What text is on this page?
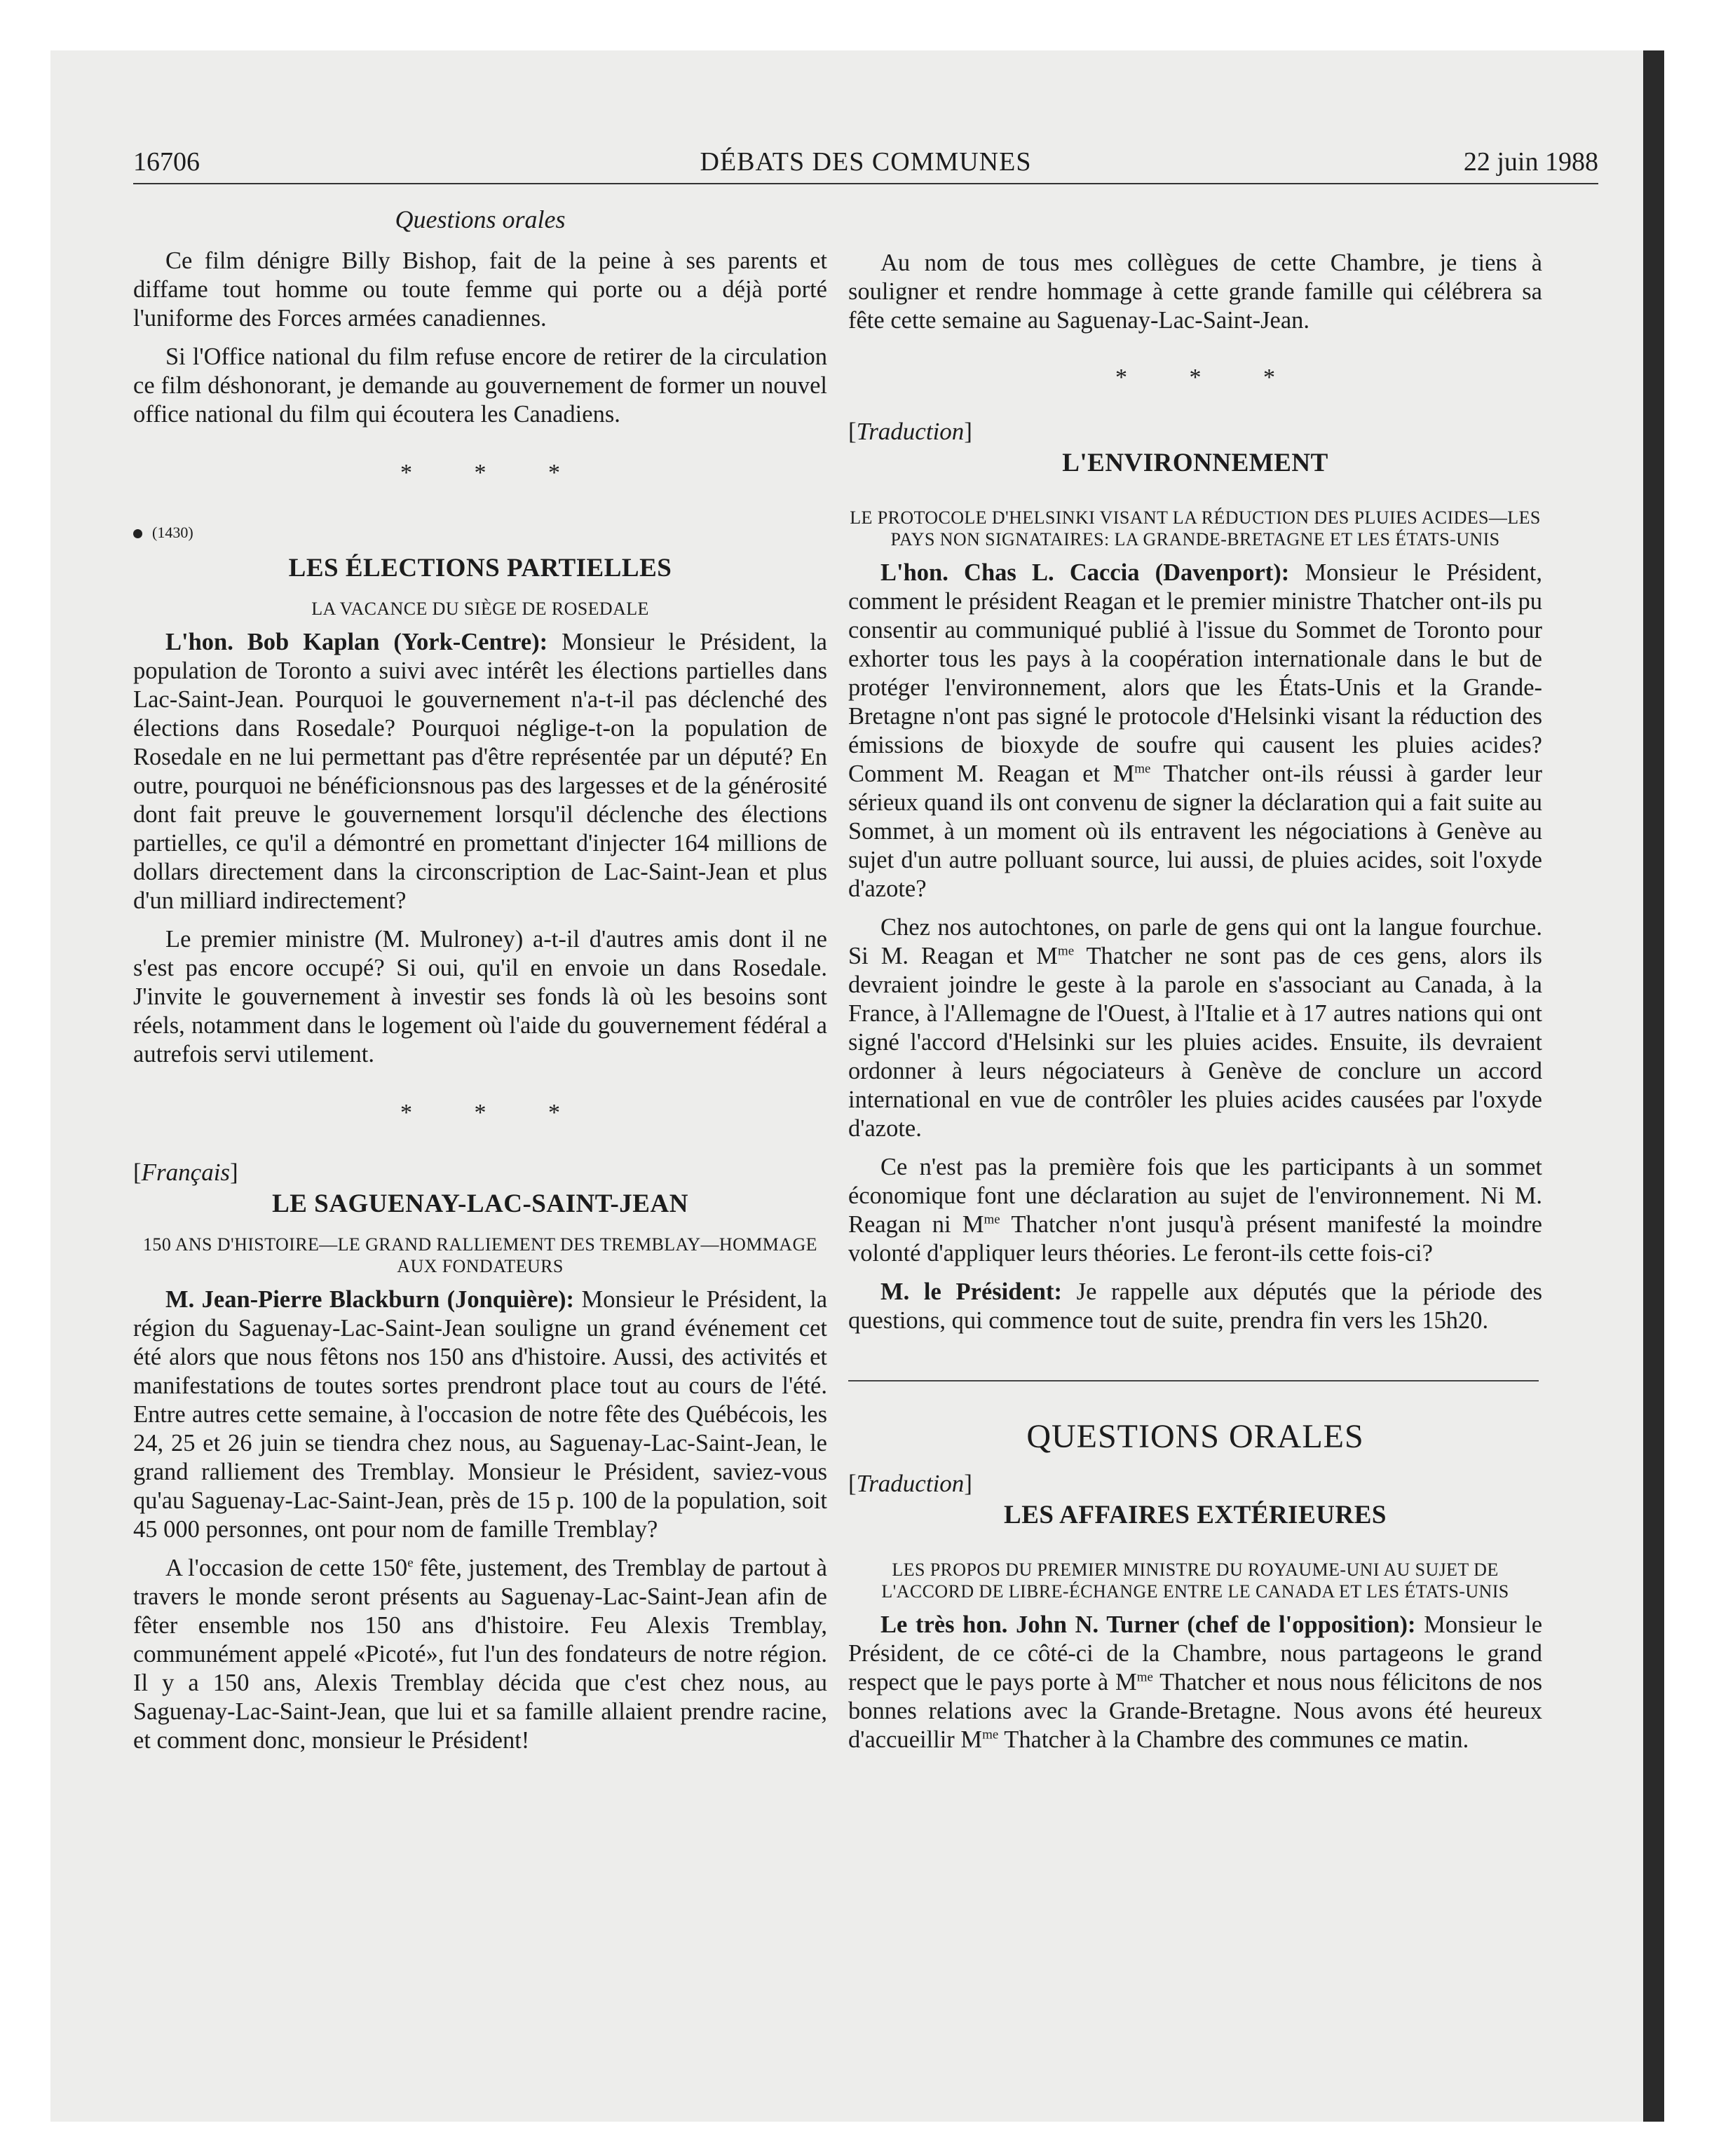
16706	DÉBATS DES COMMUNES	22 juin 1988
Questions orales

Ce film dénigre Billy Bishop, fait de la peine à ses parents et diffame tout homme ou toute femme qui porte ou a déjà porté l'uniforme des Forces armées canadiennes.

Si l'Office national du film refuse encore de retirer de la circulation ce film déshonorant, je demande au gouvernement de former un nouvel office national du film qui écoutera les Canadiens.

* * *
(1430)
LES ÉLECTIONS PARTIELLES
LA VACANCE DU SIÈGE DE ROSEDALE

L'hon. Bob Kaplan (York-Centre): Monsieur le Président, la population de Toronto a suivi avec intérêt les élections partielles dans Lac-Saint-Jean. Pourquoi le gouvernement n'a-t-il pas déclenché des élections dans Rosedale? Pourquoi néglige-t-on la population de Rosedale en ne lui permettant pas d'être représentée par un député? En outre, pourquoi ne bénéficionsnous pas des largesses et de la générosité dont fait preuve le gouvernement lorsqu'il déclenche des élections partielles, ce qu'il a démontré en promettant d'injecter 164 millions de dollars directement dans la circonscription de Lac-Saint-Jean et plus d'un milliard indirectement?

Le premier ministre (M. Mulroney) a-t-il d'autres amis dont il ne s'est pas encore occupé? Si oui, qu'il en envoie un dans Rosedale. J'invite le gouvernement à investir ses fonds là où les besoins sont réels, notamment dans le logement où l'aide du gouvernement fédéral a autrefois servi utilement.

* * *
[Français]
LE SAGUENAY-LAC-SAINT-JEAN
150 ANS D'HISTOIRE—LE GRAND RALLIEMENT DES TREMBLAY—HOMMAGE AUX FONDATEURS

M. Jean-Pierre Blackburn (Jonquière): Monsieur le Président, la région du Saguenay-Lac-Saint-Jean souligne un grand événement cet été alors que nous fêtons nos 150 ans d'histoire. Aussi, des activités et manifestations de toutes sortes prendront place tout au cours de l'été. Entre autres cette semaine, à l'occasion de notre fête des Québécois, les 24, 25 et 26 juin se tiendra chez nous, au Saguenay-Lac-Saint-Jean, le grand ralliement des Tremblay. Monsieur le Président, saviez-vous qu'au Saguenay-Lac-Saint-Jean, près de 15 p. 100 de la population, soit 45 000 personnes, ont pour nom de famille Tremblay?

A l'occasion de cette 150e fête, justement, des Tremblay de partout à travers le monde seront présents au Saguenay-Lac-Saint-Jean afin de fêter ensemble nos 150 ans d'histoire. Feu Alexis Tremblay, communément appelé «Picoté», fut l'un des fondateurs de notre région. Il y a 150 ans, Alexis Tremblay décida que c'est chez nous, au Saguenay-Lac-Saint-Jean, que lui et sa famille allaient prendre racine, et comment donc, monsieur le Président!

Au nom de tous mes collègues de cette Chambre, je tiens à souligner et rendre hommage à cette grande famille qui célébrera sa fête cette semaine au Saguenay-Lac-Saint-Jean.

* * *
[Traduction]
L'ENVIRONNEMENT
LE PROTOCOLE D'HELSINKI VISANT LA RÉDUCTION DES PLUIES ACIDES—LES PAYS NON SIGNATAIRES: LA GRANDE-BRETAGNE ET LES ÉTATS-UNIS

L'hon. Chas L. Caccia (Davenport): Monsieur le Président, comment le président Reagan et le premier ministre Thatcher ont-ils pu consentir au communiqué publié à l'issue du Sommet de Toronto pour exhorter tous les pays à la coopération internationale dans le but de protéger l'environnement, alors que les États-Unis et la Grande-Bretagne n'ont pas signé le protocole d'Helsinki visant la réduction des émissions de bioxyde de soufre qui causent les pluies acides? Comment M. Reagan et $M^{me}$ Thatcher ont-ils réussi à garder leur sérieux quand ils ont convenu de signer la déclaration qui a fait suite au Sommet, à un moment où ils entravent les négociations à Genève au sujet d'un autre polluant source, lui aussi, de pluies acides, soit l'oxyde d'azote?

Chez nos autochtones, on parle de gens qui ont la langue fourchue. Si M. Reagan et $M^{me}$ Thatcher ne sont pas de ces gens, alors ils devraient joindre le geste à la parole en s'associant au Canada, à la France, à l'Allemagne de l'Ouest, à l'Italie et à 17 autres nations qui ont signé l'accord d'Helsinki sur les pluies acides. Ensuite, ils devraient ordonner à leurs négociateurs à Genève de conclure un accord international en vue de contrôler les pluies acides causées par l'oxyde d'azote.

Ce n'est pas la première fois que les participants à un sommet économique font une déclaration au sujet de l'environnement. Ni M. Reagan ni $M^{me}$ Thatcher n'ont jusqu'à présent manifesté la moindre volonté d'appliquer leurs théories. Le feront-ils cette fois-ci?

M. le Président: Je rappelle aux députés que la période des questions, qui commence tout de suite, prendra fin vers les 15h20.

QUESTIONS ORALES
[Traduction]
LES AFFAIRES EXTÉRIEURES
LES PROPOS DU PREMIER MINISTRE DU ROYAUME-UNI AU SUJET DE L'ACCORD DE LIBRE-ÉCHANGE ENTRE LE CANADA ET LES ÉTATS-UNIS

Le très hon. John N. Turner (chef de l'opposition): Monsieur le Président, de ce côté-ci de la Chambre, nous partageons le grand respect que le pays porte à $M^{me}$ Thatcher et nous nous félicitons de nos bonnes relations avec la Grande-Bretagne. Nous avons été heureux d'accueillir $M^{me}$ Thatcher à la Chambre des communes ce matin.
